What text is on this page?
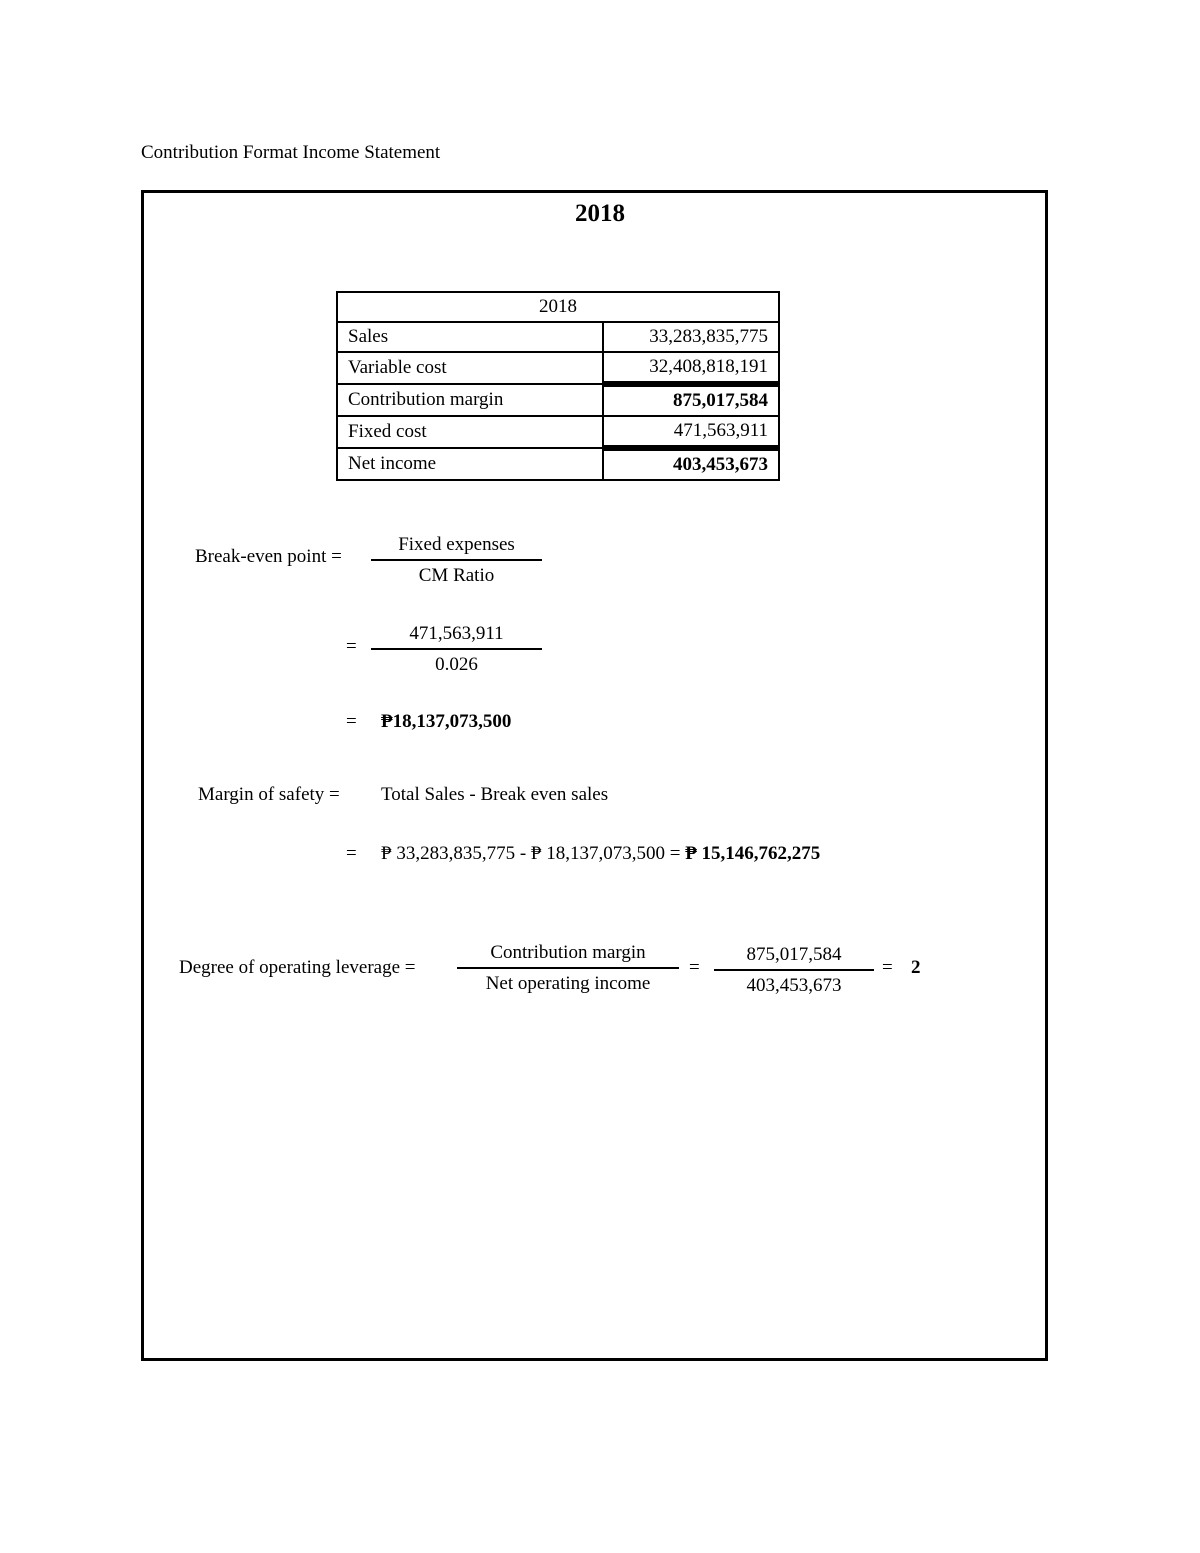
Contribution Format Income Statement
2018
2018	
Sales	33,283,835,775
Variable cost	32,408,818,191
Contribution margin	875,017,584
Fixed cost	471,563,911
Net income	403,453,673
Break-even point =
Fixed expenses
CM Ratio
=
471,563,911
0.026
= ₱18,137,073,500
Margin of safety = Total Sales - Break even sales
= ₱ 33,283,835,775 - ₱ 18,137,073,500 = ₱ 15,146,762,275
Degree of operating leverage =
Contribution margin
Net operating income
=
875,017,584
403,453,673
= 2
